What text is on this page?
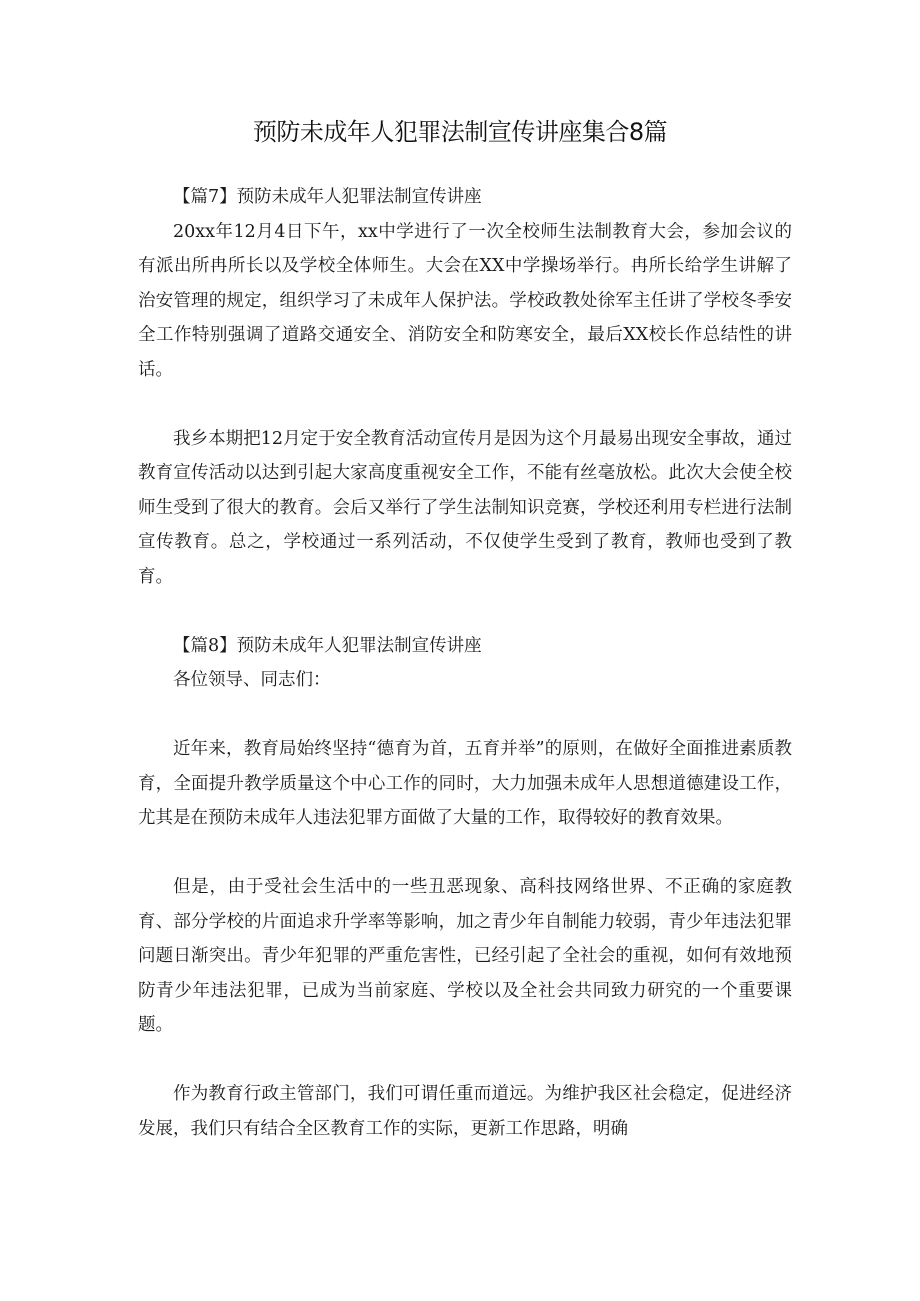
预防未成年人犯罪法制宣传讲座集合8篇

【篇7】预防未成年人犯罪法制宣传讲座

20xx年12月4日下午，xx中学进行了一次全校师生法制教育大会，参加会议的有派出所冉所长以及学校全体师生。大会在XX中学操场举行。冉所长给学生讲解了治安管理的规定，组织学习了未成年人保护法。学校政教处徐军主任讲了学校冬季安全工作特别强调了道路交通安全、消防安全和防寒安全，最后XX校长作总结性的讲话。

我乡本期把12月定于安全教育活动宣传月是因为这个月最易出现安全事故，通过教育宣传活动以达到引起大家高度重视安全工作，不能有丝毫放松。此次大会使全校师生受到了很大的教育。会后又举行了学生法制知识竞赛，学校还利用专栏进行法制宣传教育。总之，学校通过一系列活动，不仅使学生受到了教育，教师也受到了教育。

【篇8】预防未成年人犯罪法制宣传讲座

各位领导、同志们：

近年来，教育局始终坚持“德育为首，五育并举”的原则，在做好全面推进素质教育，全面提升教学质量这个中心工作的同时，大力加强未成年人思想道德建设工作，尤其是在预防未成年人违法犯罪方面做了大量的工作，取得较好的教育效果。

但是，由于受社会生活中的一些丑恶现象、高科技网络世界、不正确的家庭教育、部分学校的片面追求升学率等影响，加之青少年自制能力较弱，青少年违法犯罪问题日渐突出。青少年犯罪的严重危害性，已经引起了全社会的重视，如何有效地预防青少年违法犯罪，已成为当前家庭、学校以及全社会共同致力研究的一个重要课题。

作为教育行政主管部门，我们可谓任重而道远。为维护我区社会稳定，促进经济发展，我们只有结合全区教育工作的实际，更新工作思路，明确
